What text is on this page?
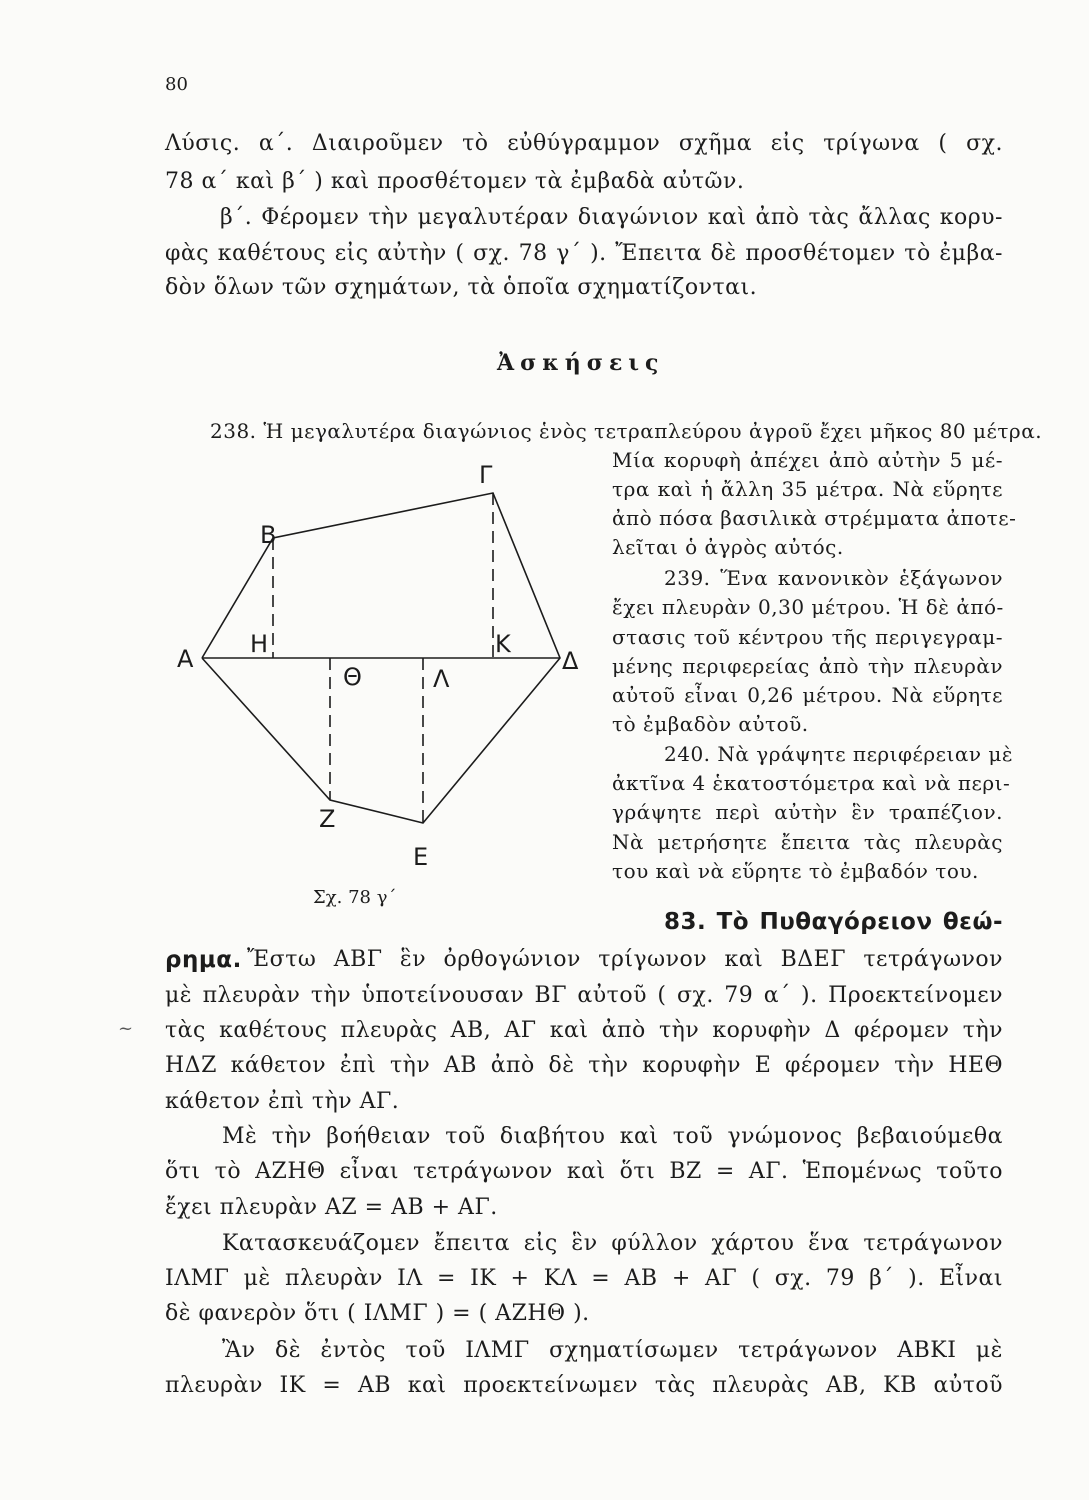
80
Λύσις. α΄. Διαιροῦμεν τὸ εὐθύγραμμον σχῆμα εἰς τρίγωνα ( σχ.
78 α΄ καὶ β΄ ) καὶ προσθέτομεν τὰ ἐμβαδὰ αὐτῶν.
β΄. Φέρομεν τὴν μεγαλυτέραν διαγώνιον καὶ ἀπὸ τὰς ἄλλας κορυ-
φὰς καθέτους εἰς αὐτὴν ( σχ. 78 γ΄ ). Ἔπειτα δὲ προσθέτομεν τὸ ἐμβα-
δὸν ὅλων τῶν σχημάτων, τὰ ὁποῖα σχηματίζονται.
Ἀσκήσεις
238. Ἡ μεγαλυτέρα διαγώνιος ἑνὸς τετραπλεύρου ἀγροῦ ἔχει μῆκος 80 μέτρα.
Μία κορυφὴ ἀπέχει ἀπὸ αὐτὴν 5 μέ-
τρα καὶ ἡ ἄλλη 35 μέτρα. Νὰ εὕρητε
ἀπὸ πόσα βασιλικὰ στρέμματα ἀποτε-
λεῖται ὁ ἀγρὸς αὐτός.
239. Ἕνα κανονικὸν ἑξάγωνον
ἔχει πλευρὰν 0,30 μέτρου. Ἡ δὲ ἀπό-
στασις τοῦ κέντρου τῆς περιγεγραμ-
μένης περιφερείας ἀπὸ τὴν πλευρὰν
αὐτοῦ εἶναι 0,26 μέτρου. Νὰ εὕρητε
τὸ ἐμβαδὸν αὐτοῦ.
240. Νὰ γράψητε περιφέρειαν μὲ
ἀκτῖνα 4 ἑκατοστόμετρα καὶ νὰ περι-
γράψητε περὶ αὐτὴν ἓν τραπέζιον.
Νὰ μετρήσητε ἔπειτα τὰς πλευρὰς
του καὶ νὰ εὕρητε τὸ ἐμβαδόν του.
Α
Β
Γ
Δ
Ε
Ζ
Η
Θ
Κ
Λ
Σχ. 78 γ΄
83. Τὸ Πυθαγόρειον θεώ-
ρημα. Ἔστω ΑΒΓ ἓν ὀρθογώνιον τρίγωνον καὶ ΒΔΕΓ τετράγωνον
μὲ πλευρὰν τὴν ὑποτείνουσαν ΒΓ αὐτοῦ ( σχ. 79 α΄ ). Προεκτείνομεν
τὰς καθέτους πλευρὰς ΑΒ, ΑΓ καὶ ἀπὸ τὴν κορυφὴν Δ φέρομεν τὴν
ΗΔΖ κάθετον ἐπὶ τὴν ΑΒ ἀπὸ δὲ τὴν κορυφὴν Ε φέρομεν τὴν ΗΕΘ
κάθετον ἐπὶ τὴν ΑΓ.
Μὲ τὴν βοήθειαν τοῦ διαβήτου καὶ τοῦ γνώμονος βεβαιούμεθα
ὅτι τὸ ΑΖΗΘ εἶναι τετράγωνον καὶ ὅτι ΒΖ = ΑΓ. Ἑπομένως τοῦτο
ἔχει πλευρὰν ΑΖ = ΑΒ + ΑΓ.
Κατασκευάζομεν ἔπειτα εἰς ἓν φύλλον χάρτου ἕνα τετράγωνον
ΙΛΜΓ μὲ πλευρὰν ΙΛ = ΙΚ + ΚΛ = ΑΒ + ΑΓ ( σχ. 79 β΄ ). Εἶναι
δὲ φανερὸν ὅτι ( ΙΛΜΓ ) = ( ΑΖΗΘ ).
Ἂν δὲ ἐντὸς τοῦ ΙΛΜΓ σχηματίσωμεν τετράγωνον ΑΒΚΙ μὲ
πλευρὰν ΙΚ = ΑΒ καὶ προεκτείνωμεν τὰς πλευρὰς ΑΒ, ΚΒ αὐτοῦ
~
